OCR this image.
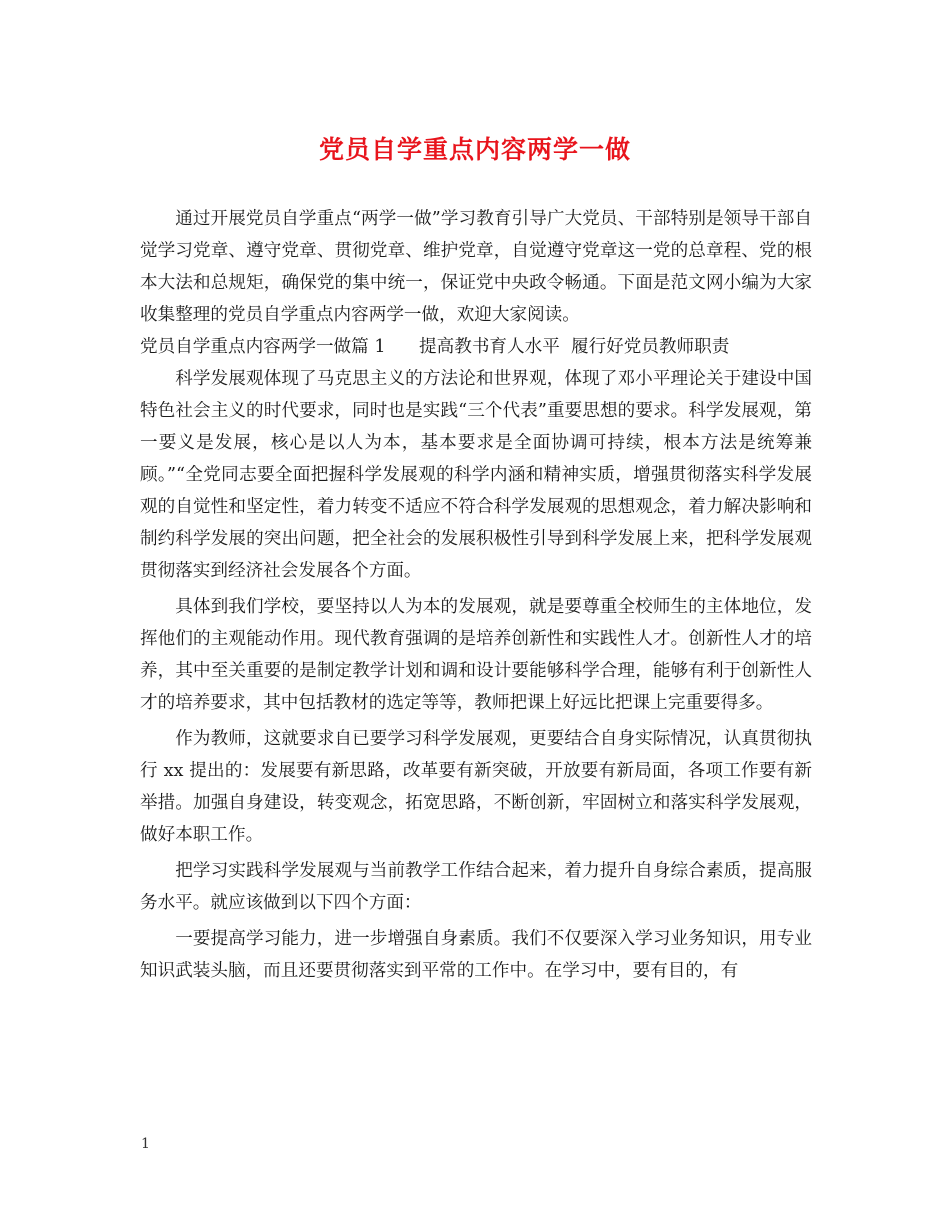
党员自学重点内容两学一做

通过开展党员自学重点“两学一做”学习教育引导广大党员、干部特别是领导干部自觉学习党章、遵守党章、贯彻党章、维护党章，自觉遵守党章这一党的总章程、党的根本大法和总规矩，确保党的集中统一，保证党中央政令畅通。下面是范文网小编为大家收集整理的党员自学重点内容两学一做，欢迎大家阅读。

党员自学重点内容两学一做篇 1      提高教书育人水平  履行好党员教师职责

科学发展观体现了马克思主义的方法论和世界观，体现了邓小平理论关于建设中国特色社会主义的时代要求，同时也是实践“三个代表”重要思想的要求。科学发展观，第一要义是发展，核心是以人为本，基本要求是全面协调可持续，根本方法是统筹兼顾。”“全党同志要全面把握科学发展观的科学内涵和精神实质，增强贯彻落实科学发展观的自觉性和坚定性，着力转变不适应不符合科学发展观的思想观念，着力解决影响和制约科学发展的突出问题，把全社会的发展积极性引导到科学发展上来，把科学发展观贯彻落实到经济社会发展各个方面。

具体到我们学校，要坚持以人为本的发展观，就是要尊重全校师生的主体地位，发挥他们的主观能动作用。现代教育强调的是培养创新性和实践性人才。创新性人才的培养，其中至关重要的是制定教学计划和调和设计要能够科学合理，能够有利于创新性人才的培养要求，其中包括教材的选定等等，教师把课上好远比把课上完重要得多。

作为教师，这就要求自已要学习科学发展观，更要结合自身实际情况，认真贯彻执行 xx 提出的：发展要有新思路，改革要有新突破，开放要有新局面，各项工作要有新举措。加强自身建设，转变观念，拓宽思路，不断创新，牢固树立和落实科学发展观，做好本职工作。

把学习实践科学发展观与当前教学工作结合起来，着力提升自身综合素质，提高服务水平。就应该做到以下四个方面：

一要提高学习能力，进一步增强自身素质。我们不仅要深入学习业务知识，用专业知识武装头脑，而且还要贯彻落实到平常的工作中。在学习中，要有目的，有

1
